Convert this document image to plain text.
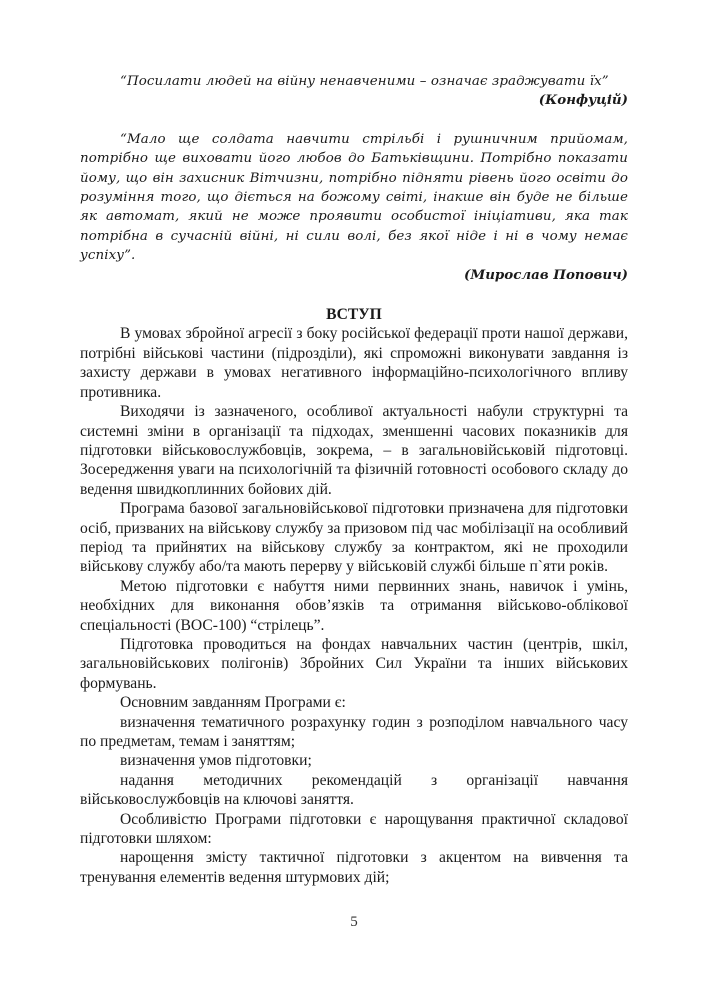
“Посилати людей на війну ненавченими – означає зраджувати їх”

(Конфуцій)

“Мало ще солдата навчити стрільбі і рушничним прийомам, потрібно ще виховати його любов до Батьківщини. Потрібно показати йому, що він захисник Вітчизни, потрібно підняти рівень його освіти до розуміння того, що діється на божому світі, інакше він буде не більше як автомат, який не може проявити особистої ініціативи, яка так потрібна в сучасній війні, ні сили волі, без якої ніде і ні в чому немає успіху”.

(Мирослав Попович)

ВСТУП

В умовах збройної агресії з боку російської федерації проти нашої держави, потрібні військові частини (підрозділи), які спроможні виконувати завдання із захисту держави в умовах негативного інформаційно-психологічного впливу противника.

Виходячи із зазначеного, особливої актуальності набули структурні та системні зміни в організації та підходах, зменшенні часових показників для підготовки військовослужбовців, зокрема, – в загальновійськовій підготовці. Зосередження уваги на психологічній та фізичній готовності особового складу до ведення швидкоплинних бойових дій.

Програма базової загальновійськової підготовки призначена для підготовки осіб, призваних на військову службу за призовом під час мобілізації на особливий період та прийнятих на військову службу за контрактом, які не проходили військову службу або/та мають перерву у військовій службі більше п`яти років.

Метою підготовки є набуття ними первинних знань, навичок і умінь, необхідних для виконання обов’язків та отримання військово-облікової спеціальності (ВОС-100) “стрілець”.

Підготовка проводиться на фондах навчальних частин (центрів, шкіл, загальновійськових полігонів) Збройних Сил України та інших військових формувань.

Основним завданням Програми є:

визначення тематичного розрахунку годин з розподілом навчального часу по предметам, темам і заняттям;

визначення умов підготовки;

надання методичних рекомендацій з організації навчання військовослужбовців на ключові заняття.

Особливістю Програми підготовки є нарощування практичної складової підготовки шляхом:

нарощення змісту тактичної підготовки з акцентом на вивчення та тренування елементів ведення штурмових дій;

5
